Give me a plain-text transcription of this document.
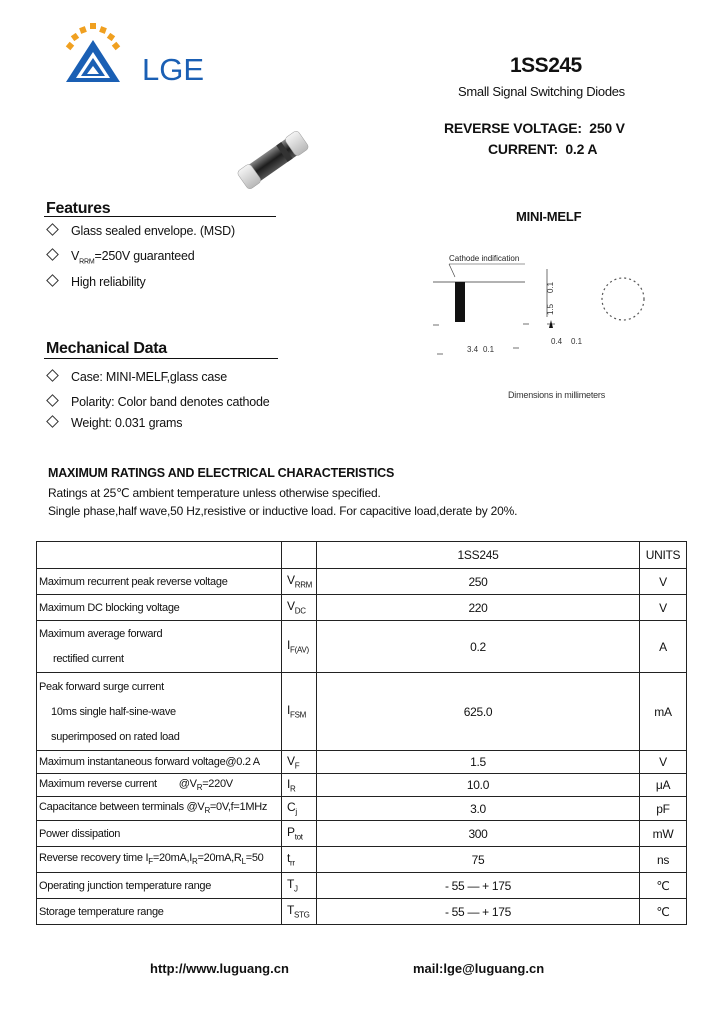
LGE	1SS245
Small Signal Switching Diodes
REVERSE VOLTAGE:  250 V
CURRENT:  0.2 A
Features
Glass sealed envelope. (MSD)
$V_{RRM}=250V$ guaranteed
High reliability
MINI-MELF
Cathode indification
1.5
0.1
3.4 0.1
0.4 0.1
Dimensions in millimeters
Mechanical Data
Case: MINI-MELF,glass case
Polarity: Color band denotes cathode
Weight: 0.031 grams
MAXIMUM RATINGS AND ELECTRICAL CHARACTERISTICS
Ratings at 25℃ ambient temperature unless otherwise specified.
Single phase,half wave,50 Hz,resistive or inductive load. For capacitive load,derate by 20%.
		1SS245	UNITS
Maximum recurrent peak reverse voltage	$V_{RRM}$	250	V
Maximum DC blocking voltage	$V_{DC}$	220	V

Maximum average forward
rectified current	$I_{F(AV)}$	0.2	A

Peak forward surge current
10ms single half-sine-wave
superimposed on rated load	$I_{FSM}$	625.0	mA
Maximum instantaneous forward voltage@0.2 A	$V_F$	1.5	V
Maximum reverse current $@V_R=220V$	$I_R$	10.0	μA
Capacitance between terminals $@V_R=0V,f=1MHz$	$C_j$	3.0	pF
Power dissipation	$P_{tot}$	300	mW
Reverse recovery time $I_F=20mA,I_R=20mA,R_L=50$	$t_{rr}$	75	ns
Operating junction temperature range	$T_J$	- 55 — + 175	℃
Storage temperature range	$T_{STG}$	- 55 — + 175	℃
http://www.luguang.cn	mail:lge@luguang.cn
